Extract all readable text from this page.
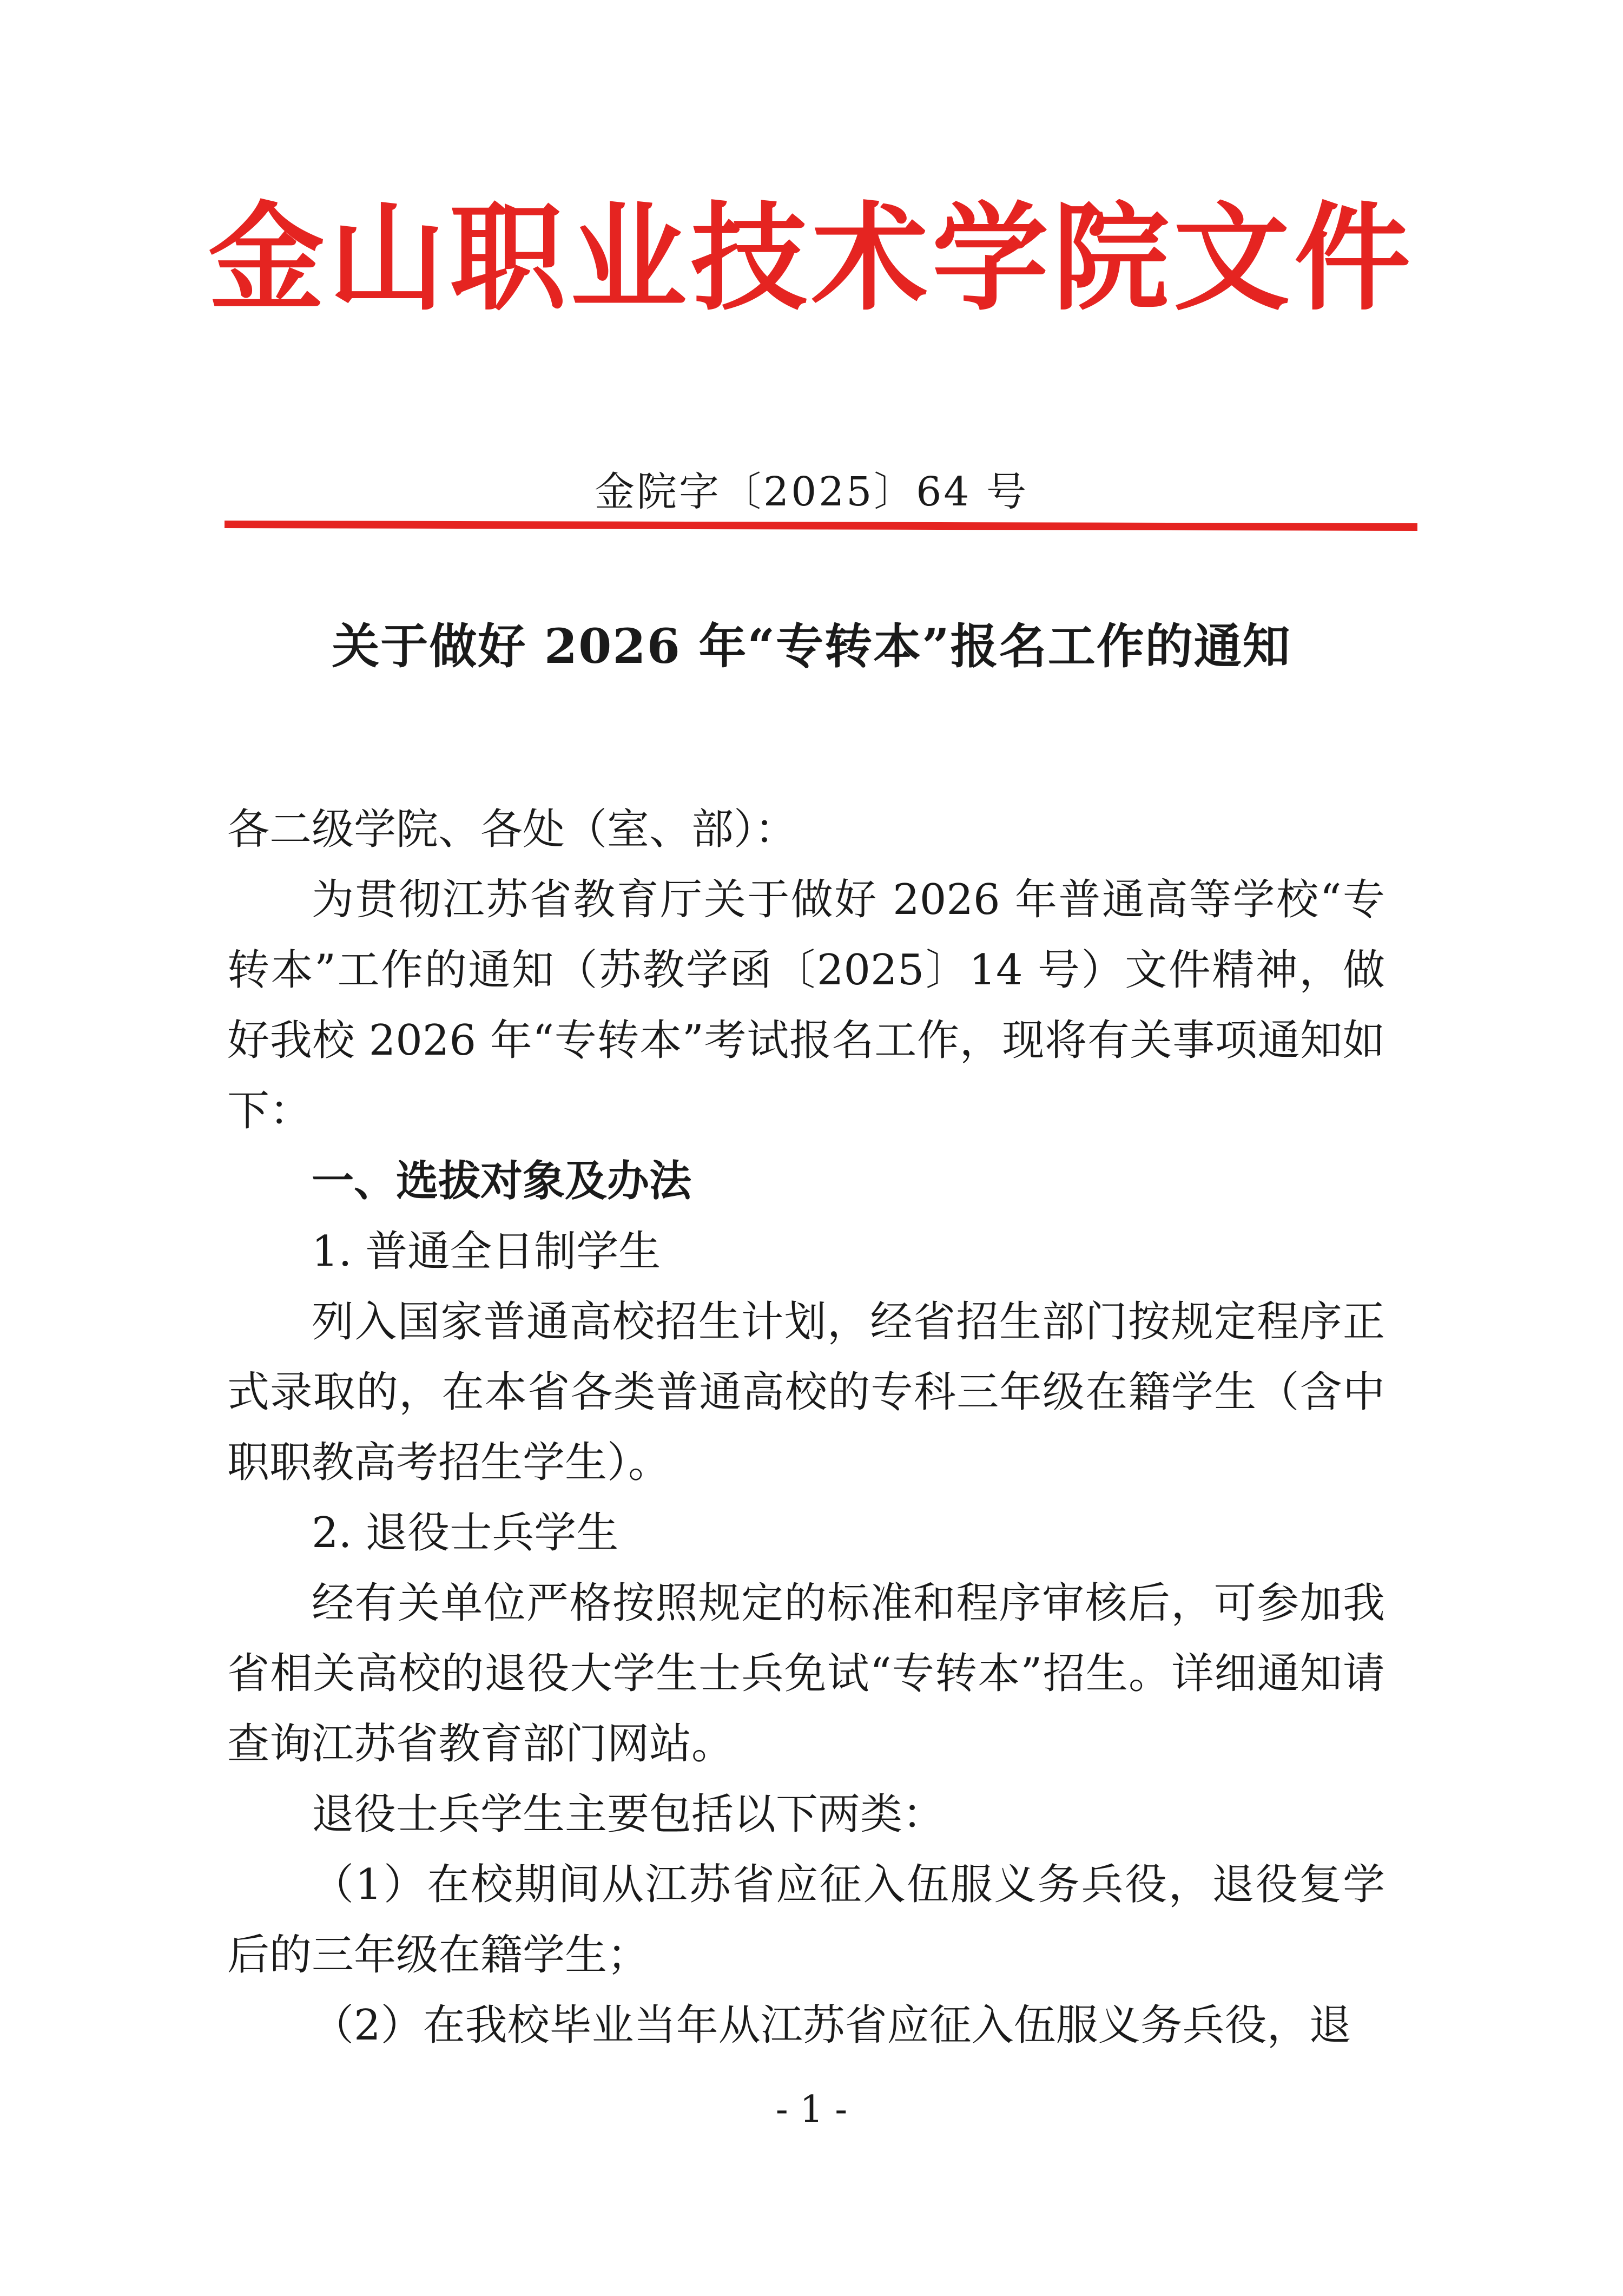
金山职业技术学院文件
金院字〔2025〕64 号
关于做好 2026 年“专转本”报名工作的通知

各二级学院、各处（室、部）：

为贯彻江苏省教育厅关于做好 2026 年普通高等学校“专转本”工作的通知（苏教学函〔2025〕14 号）文件精神，做好我校 2026 年“专转本”考试报名工作，现将有关事项通知如下：

一、选拔对象及办法

1. 普通全日制学生

列入国家普通高校招生计划，经省招生部门按规定程序正式录取的，在本省各类普通高校的专科三年级在籍学生（含中职职教高考招生学生）。

2. 退役士兵学生

经有关单位严格按照规定的标准和程序审核后，可参加我省相关高校的退役大学生士兵免试“专转本”招生。详细通知请查询江苏省教育部门网站。

退役士兵学生主要包括以下两类：

（1）在校期间从江苏省应征入伍服义务兵役，退役复学后的三年级在籍学生；

（2）在我校毕业当年从江苏省应征入伍服义务兵役，退

- 1 -
